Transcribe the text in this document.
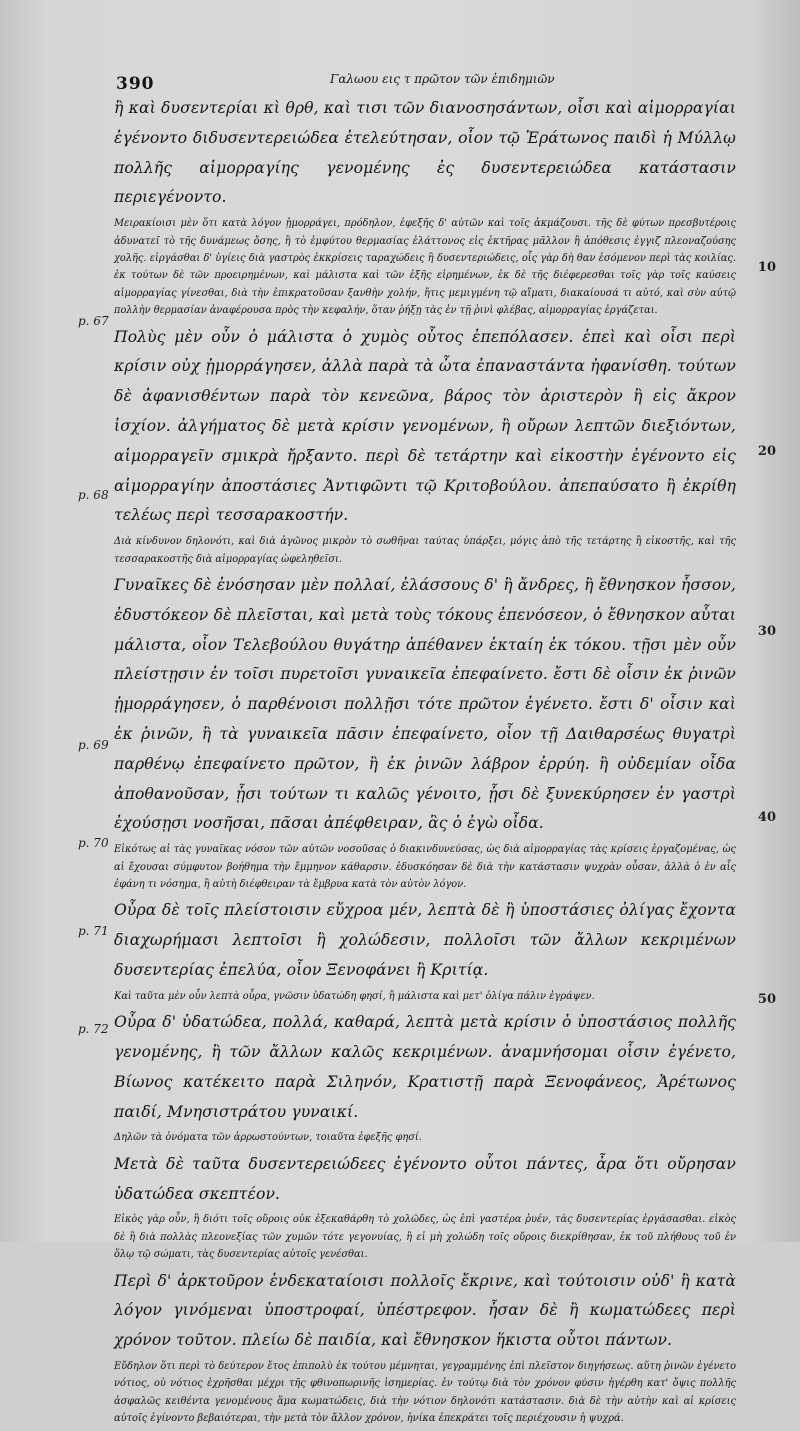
390	Γαλωου εις τ πρῶτον τῶν ἐπιδημιῶν

ἢ καὶ δυσεντερίαι κὶ θρθ, καὶ τισι τῶν διανοσησάντων, οἷσι καὶ αἱμορραγίαι ἐγένοντο διδυσεντερειώδεα ἐτελεύτησαν, οἷον τῷ Ἐράτωνος παιδὶ ἡ Μύλλῳ πολλῆς αἱμορραγίης γενομένης ἐς δυσεντερειώδεα κατάστασιν περιεγένοντο.

Μειρακίοισι μὲν ὅτι κατὰ λόγον ᾑμορράγει, πρόδηλον, ἐφεξῆς δ' αὐτῶν καὶ τοῖς ἀκμάζουσι. τῆς δὲ φύτων πρεσβυτέροις ἀδυνατεῖ τὸ τῆς δυνάμεως ὄσης, ἢ τὸ ἐμφύτου θερμασίας ἐλάττονος εἰς ἐκτῆρας μᾶλλον ἢ ἀπόθεσις ἐγγιζ πλεοναζούσης χολῆς. εἰργάσθαι δ' ὑγίεις διὰ γαστρὸς ἐκκρίσεις ταραχώδεις ἢ δυσεντεριώδεις, οἷς γὰρ δὴ θαν ἐσόμενον περὶ τὰς κοιλίας. ἐκ τούτων δὲ τῶν προειρημένων, καὶ μάλιστα καὶ τῶν ἐξῆς εἰρημένων, ἐκ δὲ τῆς διέφερεσθαι τοῖς γὰρ τοῖς καύσεις αἱμορραγίας γίνεσθαι, διὰ τὴν ἐπικρατοῦσαν ξανθὴν χολήν, ἥτις μεμιγμένη τῷ αἵματι, διακαίουσά τι αὐτό, καὶ σὺν αὐτῷ πολλὴν θερμασίαν ἀναφέρουσα πρὸς τὴν κεφαλήν, ὅταν ῥήξῃ τὰς ἐν τῇ ῥινὶ φλέβας, αἱμορραγίας ἐργάζεται.

Πολὺς μὲν οὖν ὁ μάλιστα ὁ χυμὸς οὗτος ἐπεπόλασεν. ἐπεὶ καὶ οἷσι περὶ κρίσιν οὐχ ᾑμορράγησεν, ἀλλὰ παρὰ τὰ ὦτα ἐπαναστάντα ἠφανίσθη. τούτων δὲ ἀφανισθέντων παρὰ τὸν κενεῶνα, βάρος τὸν ἀριστερὸν ἢ εἰς ἄκρον ἰσχίον. ἀλγήματος δὲ μετὰ κρίσιν γενομένων, ἢ οὔρων λεπτῶν διεξιόντων, αἱμορραγεῖν σμικρὰ ἤρξαντο. περὶ δὲ τετάρτην καὶ εἰκοστὴν ἐγένοντο εἰς αἱμορραγίην ἀποστάσιες Ἀντιφῶντι τῷ Κριτοβούλου. ἀπεπαύσατο ἢ ἐκρίθη τελέως περὶ τεσσαρακοστήν.

Διὰ κίνδυνον δηλονότι, καὶ διὰ ἀγῶνος μικρὸν τὸ σωθῆναι ταύτας ὑπάρξει, μόγις ἀπὸ τῆς τετάρτης ἢ εἰκοστῆς, καὶ τῆς τεσσαρακοστῆς διὰ αἱμορραγίας ὠφεληθεῖσι.

Γυναῖκες δὲ ἐνόσησαν μὲν πολλαί, ἐλάσσους δ' ἢ ἄνδρες, ἢ ἔθνησκον ἧσσον, ἐδυστόκεον δὲ πλεῖσται, καὶ μετὰ τοὺς τόκους ἐπενόσεον, ὁ ἔθνησκον αὗται μάλιστα, οἷον Τελεβούλου θυγάτηρ ἀπέθανεν ἑκταίη ἐκ τόκου. τῇσι μὲν οὖν πλείστῃσιν ἐν τοῖσι πυρετοῖσι γυναικεῖα ἐπεφαίνετο. ἔστι δὲ οἷσιν ἐκ ῥινῶν ᾑμορράγησεν, ὁ παρθένοισι πολλῇσι τότε πρῶτον ἐγένετο. ἔστι δ' οἷσιν καὶ ἐκ ῥινῶν, ἢ τὰ γυναικεῖα πᾶσιν ἐπεφαίνετο, οἷον τῇ Δαιθαρσέως θυγατρὶ παρθένῳ ἐπεφαίνετο πρῶτον, ἢ ἐκ ῥινῶν λάβρον ἐρρύη. ἢ οὐδεμίαν οἶδα ἀποθανοῦσαν, ᾗσι τούτων τι καλῶς γένοιτο, ᾗσι δὲ ξυνεκύρησεν ἐν γαστρὶ ἐχούσῃσι νοσῆσαι, πᾶσαι ἀπέφθειραν, ἃς ὁ ἐγὼ οἶδα.

Εἰκότως αἱ τὰς γυναῖκας νόσον τῶν αὐτῶν νοσοῦσας ὁ διακινδυνεύσας, ὡς διὰ αἱμορραγίας τὰς κρίσεις ἐργαζομένας, ὡς αἱ ἔχουσαι σύμφυτον βοήθημα τὴν ἔμμηνον κάθαρσιν. ἐδυσκόησαν δὲ διὰ τὴν κατάστασιν ψυχρὰν οὖσαν, ἀλλὰ ὁ ἐν αἷς ἐφάνη τι νόσημα, ἢ αὐτὴ διέφθειραν τὰ ἔμβρυα κατὰ τὸν αὐτὸν λόγον.

Οὖρα δὲ τοῖς πλείστοισιν εὔχροα μέν, λεπτὰ δὲ ἢ ὑποστάσιες ὀλίγας ἔχοντα διαχωρήμασι λεπτοῖσι ἢ χολώδεσιν, πολλοῖσι τῶν ἄλλων κεκριμένων δυσεντερίας ἐπελύα, οἷον Ξενοφάνει ἢ Κριτίᾳ.

Καὶ ταῦτα μὲν οὖν λεπτὰ οὖρα, γνῶσιν ὑδατώδη φησί, ἢ μάλιστα καὶ μετ' ὀλίγα πάλιν ἐγράψεν.

Οὖρα δ' ὑδατώδεα, πολλά, καθαρά, λεπτὰ μετὰ κρίσιν ὁ ὑποστάσιος πολλῆς γενομένης, ἢ τῶν ἄλλων καλῶς κεκριμένων. ἀναμνήσομαι οἷσιν ἐγένετο, Βίωνος κατέκειτο παρὰ Σιληνόν, Κρατιστῇ παρὰ Ξενοφάνεος, Ἀρέτωνος παιδί, Μνησιστράτου γυναικί.

Δηλῶν τὰ ὀνόματα τῶν ἀρρωστούντων, τοιαῦτα ἐφεξῆς φησί.

Μετὰ δὲ ταῦτα δυσεντερειώδεες ἐγένοντο οὗτοι πάντες, ἆρα ὅτι οὔρησαν ὑδατώδεα σκεπτέον.

Εἰκὸς γὰρ οὖν, ἢ διότι τοῖς οὔροις οὐκ ἐξεκαθάρθη τὸ χολῶδες, ὡς ἐπὶ γαστέρα ῥυέν, τὰς δυσεντερίας ἐργάσασθαι. εἰκὸς δὲ ἢ διὰ πολλὰς πλεονεξίας τῶν χυμῶν τότε γεγονυίας, ἢ εἰ μὴ χολώδη τοῖς οὔροις διεκρίθησαν, ἐκ τοῦ πλήθους τοῦ ἐν ὅλῳ τῷ σώματι, τὰς δυσεντερίας αὐτοῖς γενέσθαι.

Περὶ δ' ἀρκτοῦρον ἑνδεκαταίοισι πολλοῖς ἔκρινε, καὶ τούτοισιν οὐδ' ἢ κατὰ λόγον γινόμεναι ὑποστροφαί, ὑπέστρεφον. ἦσαν δὲ ἢ κωματώδεες περὶ χρόνον τοῦτον. πλείω δὲ παιδία, καὶ ἔθνησκον ἥκιστα οὗτοι πάντων.

Εὔδηλον ὅτι περὶ τὸ δεύτερον ἔτος ἐπιπολὺ ἐκ τούτου μέμνηται, γεγραμμένης ἐπὶ πλεῖστον διηγήσεως. αὕτη ῥινῶν ἐγένετο νότιος, οὐ νότιος ἐχρῆσθαι μέχρι τῆς φθινοπωρινῆς ἰσημερίας. ἐν τούτῳ διὰ τὸν χρόνον φύσιν ἠγέρθη κατ' ὄψις πολλῆς ἀσφαλῶς κειθέντα γενομένους ἅμα κωματώδεις, διὰ τὴν νότιον δηλονότι κατάστασιν. διὰ δὲ τὴν αὐτὴν καὶ αἱ κρίσεις αὐτοῖς ἐγίνοντο βεβαιότεραι, τὴν μετὰ τὸν ἄλλον χρόνον, ἡνίκα ἐπεκράτει τοῖς περιέχουσιν ἡ ψυχρά.

p. 67
p. 68
p. 69
p. 70
p. 71
p. 72
10
20
30
40
50
